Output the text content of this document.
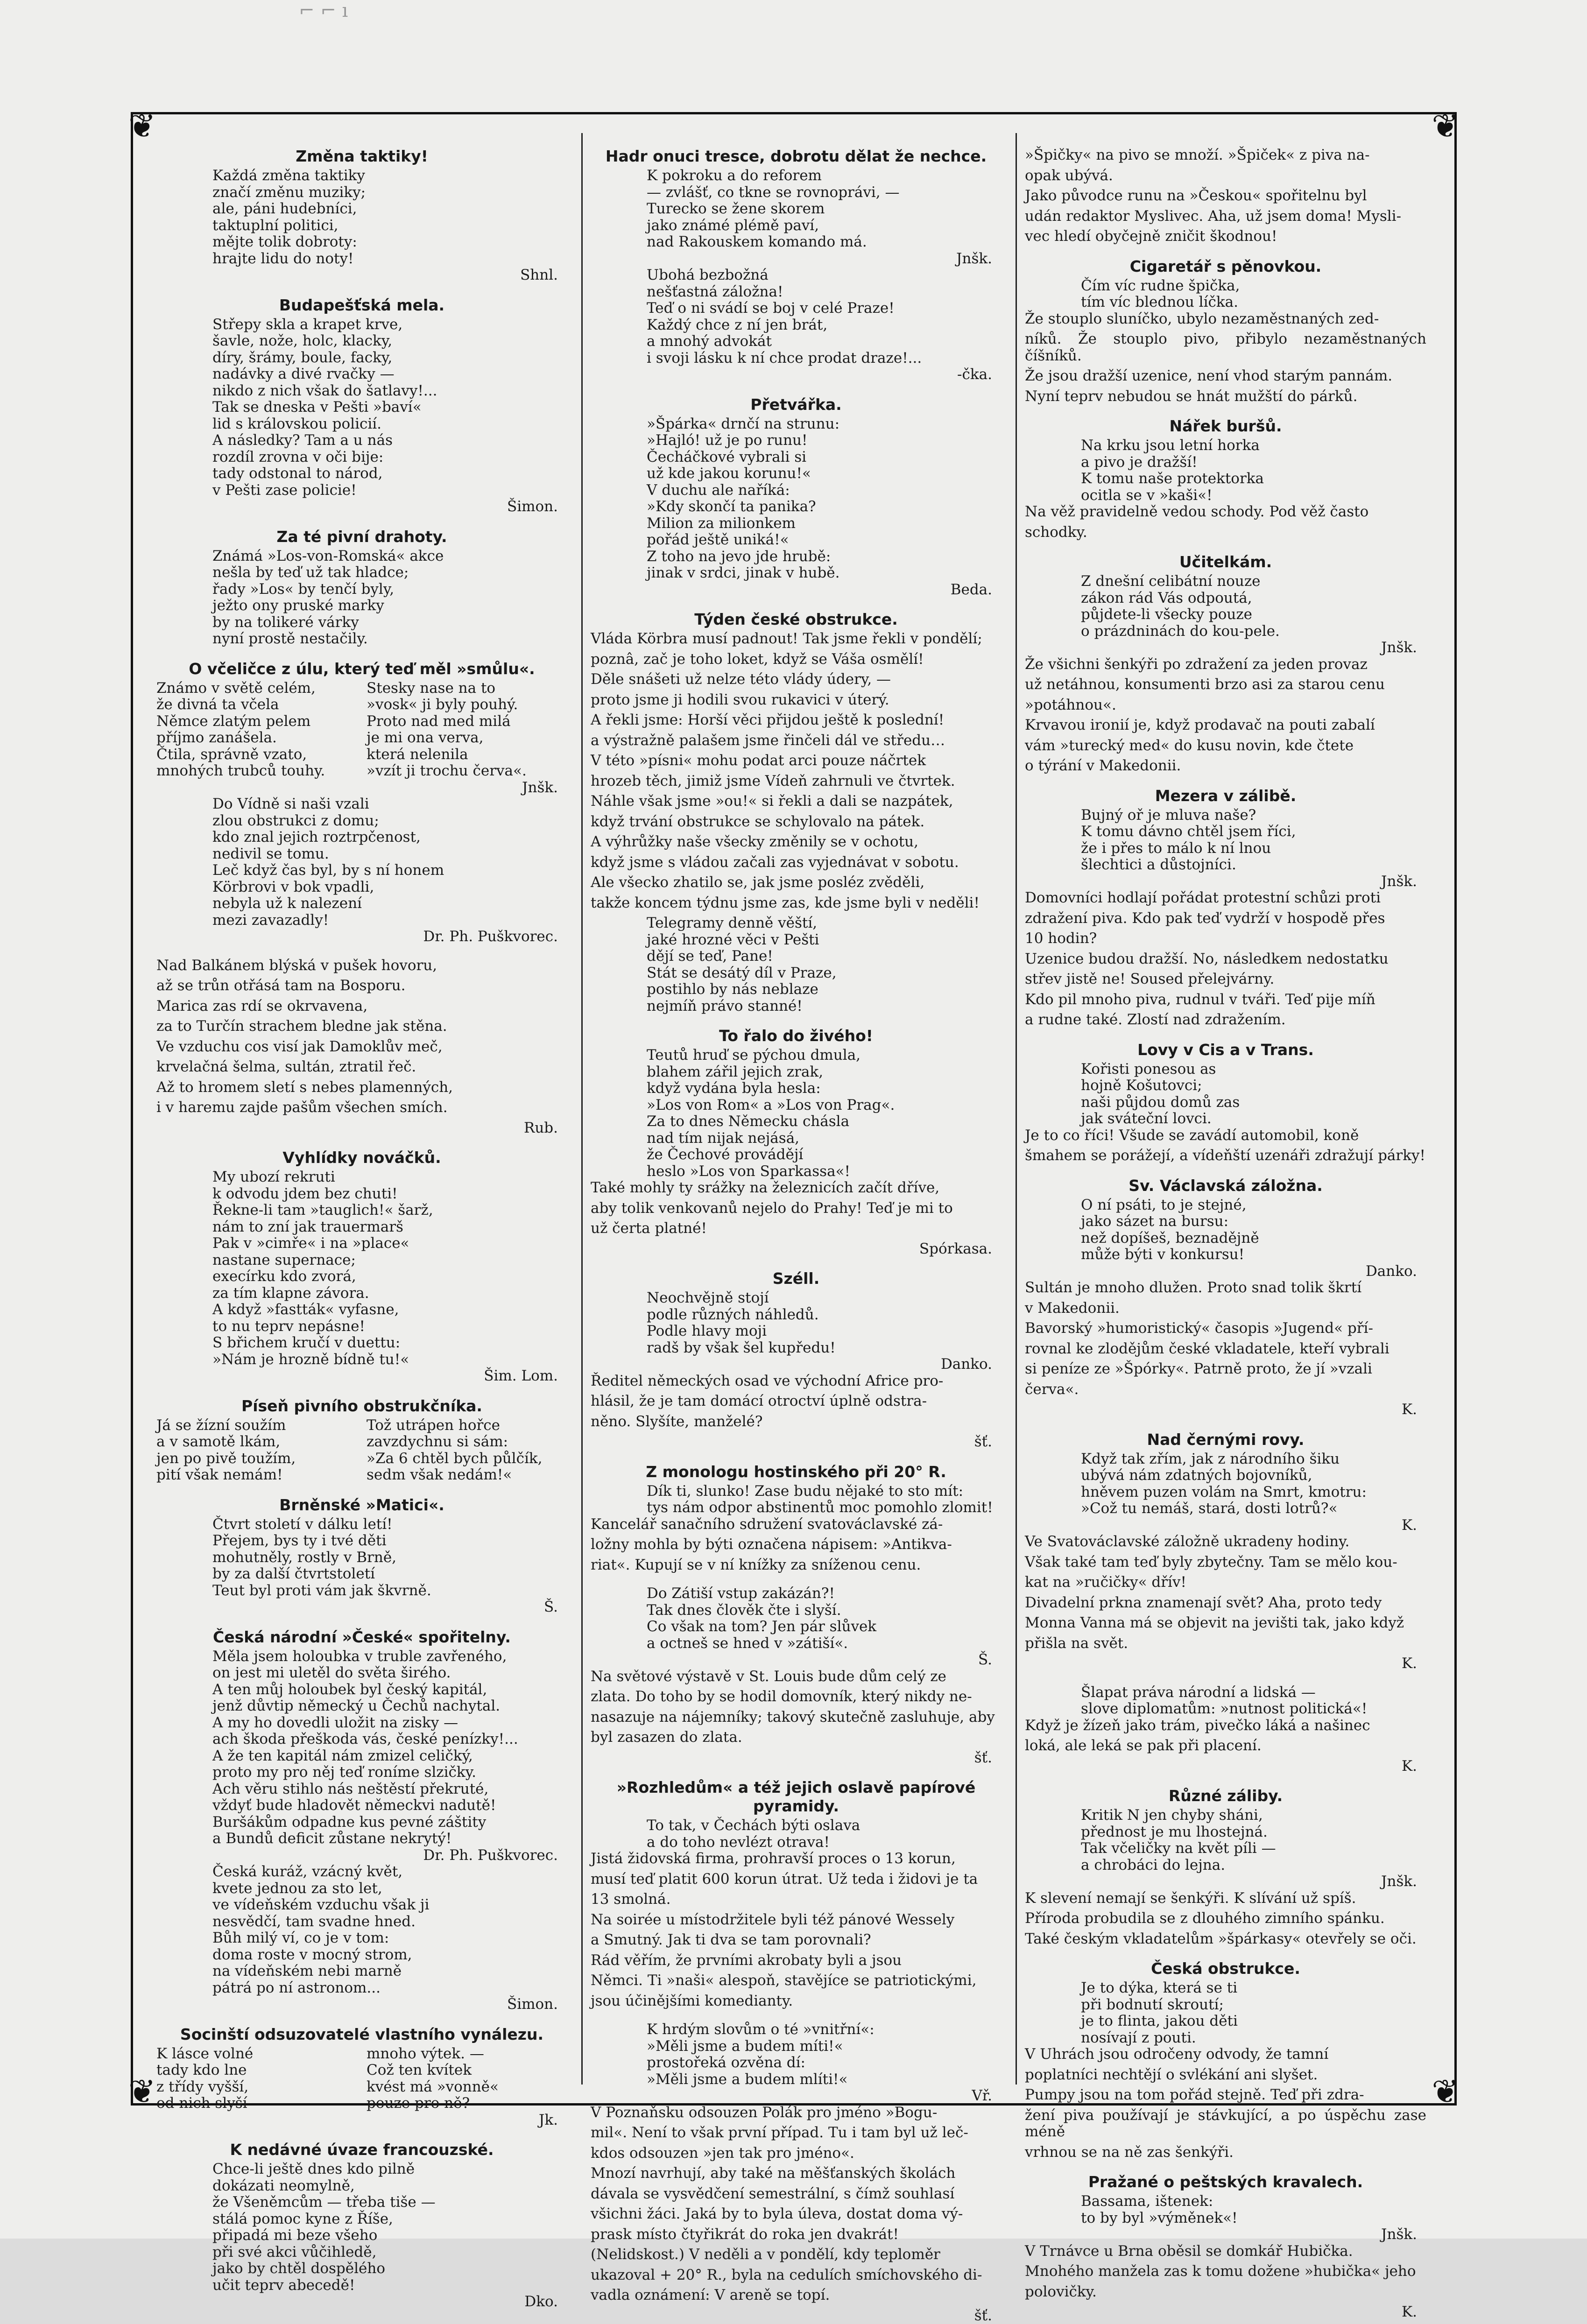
⌐ ⌐ ı
❦	❦
❦	❦
Změna taktiky!
Každá změna taktiky
značí změnu muziky;
ale, páni hudebníci,
taktuplní politici,
mějte tolik dobroty:
hrajte lidu do noty!
Shnl.
Budapešťská mela.
Střepy skla a krapet krve,
šavle, nože, holc, klacky,
díry, šrámy, boule, facky,
nadávky a divé rvačky —
nikdo z nich však do šatlavy!...
Tak se dneska v Pešti »baví«
lid s královskou policií.
A následky? Tam a u nás
rozdíl zrovna v oči bije:
tady odstonal to národ,
v Pešti zase policie!
Šimon.
Za té pivní drahoty.
Známá »Los-von-Romská« akce
nešla by teď už tak hladce;
řady »Los« by tenčí byly,
ježto ony pruské marky
by na tolikeré várky
nyní prostě nestačily.
O včeličce z úlu, který teď měl »smůlu«.
Známo v světě celém,
že divná ta včela
Němce zlatým pelem
příjmo zanášela.
Čtila, správně vzato,
mnohých trubců touhy.
Stesky nase na to
»vosk« ji byly pouhý.
Proto nad med milá
je mi ona verva,
která nelenila
»vzít ji trochu červa«.
Jnšk.
Do Vídně si naši vzali
zlou obstrukci z domu;
kdo znal jejich roztrpčenost,
nedivil se tomu.
Leč když čas byl, by s ní honem
Körbrovi v bok vpadli,
nebyla už k nalezení
mezi zavazadly!
Dr. Ph. Puškvorec.
Nad Balkánem blýská v pušek hovoru,
až se trůn otřásá tam na Bosporu.
Marica zas rdí se okrvavena,
za to Turčín strachem bledne jak stěna.
Ve vzduchu cos visí jak Damoklův meč,
krvelačná šelma, sultán, ztratil řeč.
Až to hromem sletí s nebes plamenných,
i v haremu zajde pašům všechen smích.
Rub.
Vyhlídky nováčků.
My ubozí rekruti
k odvodu jdem bez chuti!
Řekne-li tam »tauglich!« šarž,
nám to zní jak trauermarš
Pak v »cimře« i na »place«
nastane supernace;
execírku kdo zvorá,
za tím klapne závora.
A když »fastták« vyfasne,
to nu teprv nepásne!
S břichem kručí v duettu:
»Nám je hrozně bídně tu!«
Šim. Lom.
Píseň pivního obstrukčníka.
Já se žízní soužím
a v samotě lkám,
jen po pivě toužím,
pití však nemám!
Tož utrápen hořce
zavzdychnu si sám:
»Za 6 chtěl bych půlčík,
sedm však nedám!«
Brněnské »Matici«.
Čtvrt století v dálku letí!
Přejem, bys ty i tvé děti
mohutněly, rostly v Brně,
by za další čtvrtstoletí
Teut byl proti vám jak škvrně.
Š.
Česká národní »České« spořitelny.
Měla jsem holoubka v truble zavřeného,
on jest mi uletěl do světa širého.
A ten můj holoubek byl český kapitál,
jenž důvtip německý u Čechů nachytal.
A my ho dovedli uložit na zisky —
ach škoda přeškoda vás, české penízky!...
A že ten kapitál nám zmizel celičký,
proto my pro něj teď roníme slzičky.
Ach věru stihlo nás neštěstí překruté,
vždyť bude hladovět německvi nadutě!
Buršákům odpadne kus pevné záštity
a Bundů deficit zůstane nekrytý!
Dr. Ph. Puškvorec.
Česká kuráž, vzácný květ,
kvete jednou za sto let,
ve vídeňském vzduchu však ji
nesvědčí, tam svadne hned.
Bůh milý ví, co je v tom:
doma roste v mocný strom,
na vídeňském nebi marně
pátrá po ní astronom...
Šimon.
Socinští odsuzovatelé vlastního vynálezu.
K lásce volné
tady kdo lne
z třídy vyšší,
od nich slyší
mnoho výtek. —
Což ten kvítek
kvést má »vonně«
pouze pro ně?
Jk.
K nedávné úvaze francouzské.
Chce-li ještě dnes kdo pilně
dokázati neomylně,
že Všeněmcům — třeba tiše —
stálá pomoc kyne z Říše,
připadá mi beze všeho
při své akci vůčihledě,
jako by chtěl dospělého
učit teprv abecedě!
Dko.
Hadr onuci tresce, dobrotu dělat že nechce.
K pokroku a do reforem
— zvlášť, co tkne se rovnoprávi, —
Turecko se žene skorem
jako známé plémě paví,
nad Rakouskem komando má.
Jnšk.
Ubohá bezbožná
nešťastná záložna!
Teď o ni svádí se boj v celé Praze!
Každý chce z ní jen brát,
a mnohý advokát
i svoji lásku k ní chce prodat draze!...
-čka.
Přetvářka.
»Špárka« drnčí na strunu:
»Hajló! už je po runu!
Čecháčkové vybrali si
už kde jakou korunu!«
V duchu ale naříká:
»Kdy skončí ta panika?
Milion za milionkem
pořád ještě uniká!«
Z toho na jevo jde hrubě:
jinak v srdci, jinak v hubě.
Beda.
Týden české obstrukce.
Vláda Körbra musí padnout! Tak jsme řekli v pondělí;
poznâ, zač je toho loket, když se Váša osmělí!
Děle snášeti už nelze této vlády údery, —
proto jsme ji hodili svou rukavici v úterý.
A řekli jsme: Horší věci přijdou ještě k poslední!
a výstražně palašem jsme řinčeli dál ve středu…
V této »písni« mohu podat arci pouze náčrtek
hrozeb těch, jimiž jsme Vídeň zahrnuli ve čtvrtek.
Náhle však jsme »ou!« si řekli a dali se nazpátek,
když trvání obstrukce se schylovalo na pátek.
A výhrůžky naše všecky změnily se v ochotu,
když jsme s vládou začali zas vyjednávat v sobotu.
Ale všecko zhatilo se, jak jsme posléz zvěděli,
takže koncem týdnu jsme zas, kde jsme byli v neděli!
Telegramy denně věští,
jaké hrozné věci v Pešti
dějí se teď, Pane!
Stát se desátý díl v Praze,
postihlo by nás neblaze
nejmíň právo stanné!
To řalo do živého!
Teutů hruď se pýchou dmula,
blahem zářil jejich zrak,
když vydána byla hesla:
»Los von Rom« a »Los von Prag«.
Za to dnes Německu chásla
nad tím nijak nejásá,
že Čechové provádějí
heslo »Los von Sparkassa«!
Také mohly ty srážky na železnicích začít dříve,
aby tolik venkovanů nejelo do Prahy! Teď je mi to
už čerta platné!
Spórkasa.
Széll.
Neochvějně stojí
podle různých náhledů.
Podle hlavy moji
radš by však šel kupředu!
Danko.
Ředitel německých osad ve východní Africe pro-
hlásil, že je tam domácí otroctví úplně odstra-
něno. Slyšíte, manželé?
šť.
Z monologu hostinského při 20° R.
Dík ti, slunko! Zase budu nějaké to sto mít:
tys nám odpor abstinentů moc pomohlo zlomit!
Kancelář sanačního sdružení svatováclavské zá-
ložny mohla by býti označena nápisem: »Antikva-
riat«. Kupují se v ní knížky za sníženou cenu.
Do Zátiší vstup zakázán?!
Tak dnes člověk čte i slyší.
Co však na tom? Jen pár slůvek
a octneš se hned v »zátiší«.
Š.
Na světové výstavě v St. Louis bude dům celý ze
zlata. Do toho by se hodil domovník, který nikdy ne-
nasazuje na nájemníky; takový skutečně zasluhuje, aby
byl zasazen do zlata.
šť.
»Rozhledům« a též jejich oslavě papírové pyramidy.
To tak, v Čechách býti oslava
a do toho nevlézt otrava!
Jistá židovská firma, prohravší proces o 13 korun,
musí teď platit 600 korun útrat. Už teda i židovi je ta
13 smolná.
Na soirée u místodržitele byli též pánové Wessely
a Smutný. Jak ti dva se tam porovnali?
Rád věřím, že prvními akrobaty byli a jsou
Němci. Ti »naši« alespoň, stavějíce se patriotickými,
jsou účinějšími komedianty.
K hrdým slovům o té »vnitřní«:
»Měli jsme a budem míti!«
prostořeká ozvěna dí:
»Měli jsme a budem mlíti!«
Vř.
V Poznaňsku odsouzen Polák pro jméno »Bogu-
mil«. Není to však první případ. Tu i tam byl už leč-
kdos odsouzen »jen tak pro jméno«.
Mnozí navrhují, aby také na měšťanských školách
dávala se vysvědčení semestrální, s čímž souhlasí
všichni žáci. Jaká by to byla úleva, dostat doma vý-
prask místo čtyřikrát do roka jen dvakrát!
(Nelidskost.) V neděli a v pondělí, kdy teploměr
ukazoval + 20° R., byla na cedulích smíchovského di-
vadla oznámení: V areně se topí.
šť.
»Špičky« na pivo se množí. »Špiček« z piva na-
opak ubývá.
Jako původce runu na »Českou« spořitelnu byl
udán redaktor Myslivec. Aha, už jsem doma! Mysli-
vec hledí obyčejně zničit škodnou!
Cigaretář s pěnovkou.
Čím víc rudne špička,
tím víc blednou líčka.
Že stouplo sluníčko, ubylo nezaměstnaných zed-
níků. Že stouplo pivo, přibylo nezaměstnaných číšníků.
Že jsou dražší uzenice, není vhod starým pannám.
Nyní teprv nebudou se hnát mužští do párků.
Nářek buršů.
Na krku jsou letní horka
a pivo je dražší!
K tomu naše protektorka
ocitla se v »kaši«!
Na věž pravidelně vedou schody. Pod věž často
schodky.
Učitelkám.
Z dnešní celibátní nouze
zákon rád Vás odpoutá,
půjdete-li všecky pouze
o prázdninách do kou-pele.
Jnšk.
Že všichni šenkýři po zdražení za jeden provaz
už netáhnou, konsumenti brzo asi za starou cenu
»potáhnou«.
Krvavou ironií je, když prodavač na pouti zabalí
vám »turecký med« do kusu novin, kde čtete
o týrání v Makedonii.
Mezera v zálibě.
Bujný oř je mluva naše?
K tomu dávno chtěl jsem říci,
že i přes to málo k ní lnou
šlechtici a důstojníci.
Jnšk.
Domovníci hodlají pořádat protestní schůzi proti
zdražení piva. Kdo pak teď vydrží v hospodě přes
10 hodin?
Uzenice budou dražší. No, následkem nedostatku
střev jistě ne! Soused přelejvárny.
Kdo pil mnoho piva, rudnul v tváři. Teď pije míň
a rudne také. Zlostí nad zdražením.
Lovy v Cis a v Trans.
Kořisti ponesou as
hojně Košutovci;
naši půjdou domů zas
jak sváteční lovci.
Je to co říci! Všude se zavádí automobil, koně
šmahem se porážejí, a vídeňští uzenáři zdražují párky!
Sv. Václavská záložna.
O ní psáti, to je stejné,
jako sázet na bursu:
než dopíšeš, beznadějně
může býti v konkursu!
Danko.
Sultán je mnoho dlužen. Proto snad tolik škrtí
v Makedonii.
Bavorský »humoristický« časopis »Jugend« pří-
rovnal ke zlodějům české vkladatele, kteří vybrali
si peníze ze »Špórky«. Patrně proto, že jí »vzali
červa«.
K.
Nad černými rovy.
Když tak zřím, jak z národního šiku
ubývá nám zdatných bojovníků,
hněvem puzen volám na Smrt, kmotru:
»Což tu nemáš, stará, dosti lotrů?«
K.
Ve Svatováclavské záložně ukradeny hodiny.
Však také tam teď byly zbytečny. Tam se mělo kou-
kat na »ručičky« dřív!
Divadelní prkna znamenají svět? Aha, proto tedy
Monna Vanna má se objevit na jevišti tak, jako když
přišla na svět.
K.
Šlapat práva národní a lidská —
slove diplomatům: »nutnost politická«!
Když je žízeň jako trám, pivečko láká a našinec
loká, ale leká se pak při placení.
K.
Různé záliby.
Kritik N jen chyby sháni,
přednost je mu lhostejná.
Tak včeličky na květ píli —
a chrobáci do lejna.
Jnšk.
K slevení nemají se šenkýři. K slívání už spíš.
Příroda probudila se z dlouhého zimního spánku.
Také českým vkladatelům »špárkasy« otevřely se oči.
Česká obstrukce.
Je to dýka, která se ti
při bodnutí skroutí;
je to flinta, jakou děti
nosívají z pouti.
V Uhrách jsou odročeny odvody, že tamní
poplatníci nechtějí o svlékání ani slyšet.
Pumpy jsou na tom pořád stejně. Teď při zdra-
žení piva používají je stávkující, a po úspěchu zase méně
vrhnou se na ně zas šenkýři.
Pražané o peštských kravalech.
Bassama, ištenek:
to by byl »výměnek«!
Jnšk.
V Trnávce u Brna oběsil se domkář Hubička.
Mnohého manžela zas k tomu dožene »hubička« jeho
polovičky.
K.
